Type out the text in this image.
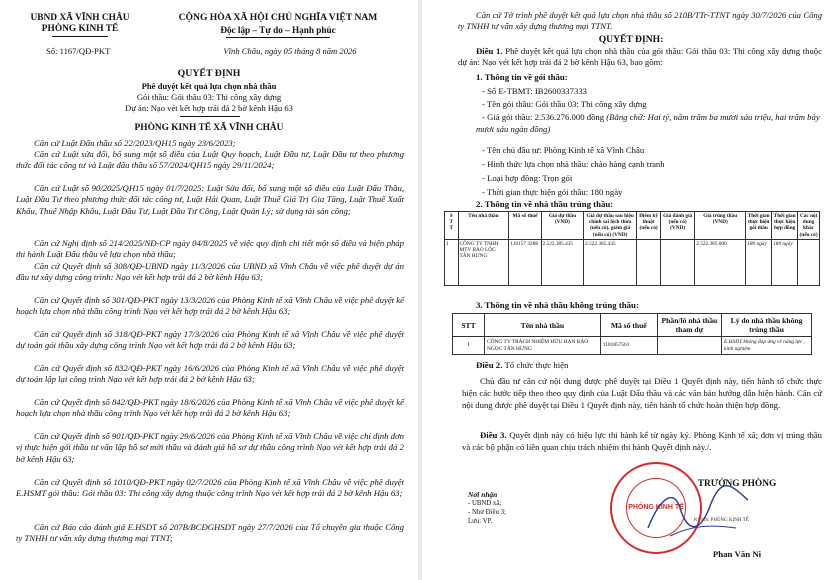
UBND XÃ VĨNH CHÂU
PHÒNG KINH TẾ
CỘNG HÒA XÃ HỘI CHỦ NGHĨA VIỆT NAM
Độc lập – Tự do – Hạnh phúc
Số: 1167/QĐ-PKT	Vĩnh Châu, ngày 05 tháng 8 năm 2026
QUYẾT ĐỊNH
Phê duyệt kết quả lựa chọn nhà thầu
Gói thầu: Gói thầu 03: Thi công xây dựng
Dự án: Nạo vét kết hợp trải đá 2 bờ kênh Hậu 63
PHÒNG KINH TẾ XÃ VĨNH CHÂU
Căn cứ Luật Đấu thầu số 22/2023/QH15 ngày 23/6/2023;
Căn cứ Luật sửa đổi, bổ sung một số điều của Luật Quy hoạch, Luật Đầu tư, Luật Đầu tư theo phương thức đối tác công tư và Luật đấu thầu số 57/2024/QH15 ngày 29/11/2024;
Căn cứ Luật số 90/2025/QH15 ngày 01/7/2025: Luật Sửa đổi, bổ sung một số điều của Luật Đấu Thầu, Luật Đầu Tư theo phương thức đối tác công tư, Luật Hải Quan, Luật Thuế Giá Trị Gia Tăng, Luật Thuế Xuất Khẩu, Thuế Nhập Khẩu, Luật Đầu Tư, Luật Đầu Tư Công, Luật Quản Lý; sử dụng tài sản công;
Căn cứ Nghị định số 214/2025/NĐ-CP ngày 04/8/2025 về việc quy định chi tiết một số điều và biện pháp thi hành Luật Đấu thầu về lựa chọn nhà thầu;
Căn cứ Quyết định số 308/QĐ-UBND ngày 11/3/2026 của UBND xã Vĩnh Châu về việc phê duyệt dự án đầu tư xây dựng công trình: Nạo vét kết hợp trải đá 2 bờ kênh Hậu 63;
Căn cứ Quyết định số 301/QĐ-PKT ngày 13/3/2026 của Phòng Kinh tế xã Vĩnh Châu về việc phê duyệt kế hoạch lựa chọn nhà thầu công trình Nạo vét kết hợp trải đá 2 bờ kênh Hậu 63;
Căn cứ Quyết định số 318/QĐ-PKT ngày 17/3/2026 của Phòng Kinh tế xã Vĩnh Châu về việc phê duyệt dự toán gói thầu xây dựng công trình Nạo vét kết hợp trải đá 2 bờ kênh Hậu 63;
Căn cứ Quyết định số 832/QĐ-PKT ngày 16/6/2026 của Phòng Kinh tế xã Vĩnh Châu về việc phê duyệt dự toán lập lại công trình Nạo vét kết hợp trải đá 2 bờ kênh Hậu 63;
Căn cứ Quyết định số 842/QĐ-PKT ngày 18/6/2026 của Phòng Kinh tế xã Vĩnh Châu về việc phê duyệt kế hoạch lựa chọn nhà thầu công trình Nạo vét kết hợp trải đá 2 bờ kênh Hậu 63;
Căn cứ Quyết định số 901/QĐ-PKT ngày 29/6/2026 của Phòng Kinh tế xã Vĩnh Châu về việc chỉ định đơn vị thực hiện gói thầu tư vấn lập hồ sơ mời thầu và đánh giá hồ sơ dự thầu công trình Nạo vét kết hợp trải đá 2 bờ kênh Hậu 63;
Căn cứ Quyết định số 1010/QĐ-PKT ngày 02/7/2026 của Phòng Kinh tế xã Vĩnh Châu về việc phê duyệt E.HSMT gói thầu: Gói thầu 03: Thi công xây dựng thuộc công trình Nạo vét kết hợp trải đá 2 bờ kênh Hậu 63;
Căn cứ Báo cáo đánh giá E.HSDT số 207B/BCĐGHSDT ngày 27/7/2026 của Tổ chuyên gia thuộc Công ty TNHH tư vấn xây dựng thương mại TTNT;
Căn cứ Tờ trình phê duyệt kết quả lựa chọn nhà thầu số 210B/TTr-TTNT ngày 30/7/2026 của Công ty TNHH tư vấn xây dựng thương mại TTNT.
QUYẾT ĐỊNH:
Điều 1. Phê duyệt kết quả lựa chọn nhà thầu của gói thầu: Gói thầu 03: Thi công xây dựng thuộc dự án: Nạo vét kết hợp trải đá 2 bờ kênh Hậu 63, bao gồm:
1. Thông tin về gói thầu:
- Số E-TBMT: IB2600337333
- Tên gói thầu: Gói thầu 03: Thi công xây dựng
- Giá gói thầu: 2.536.276.000 đồng (Bằng chữ: Hai tỷ, năm trăm ba mươi sáu triệu, hai trăm bảy mươi sáu ngàn đồng)
- Tên chủ đầu tư: Phòng Kinh tế xã Vĩnh Châu
- Hình thức lựa chọn nhà thầu: chào hàng cạnh tranh
- Loại hợp đồng: Trọn gói
- Thời gian thực hiện gói thầu: 180 ngày
2. Thông tin về nhà thầu trúng thầu:
S
T
T	Tên nhà thầu	Mã số thuế	Giá dự thầu (VND)	Giá dự thầu sau hiệu chỉnh sai lệch thừa (nếu có), giảm giá (nếu có) (VND)	Điểm kỹ thuật (nếu có)	Giá đánh giá (nếu có) (VND)	Giá trúng thầu (VND)	Thời gian thực hiện gói thầu	Thời gian thực hiện hợp đồng	Các nội dung khác (nếu có)
1	CÔNG TY TNHH MTV BẢO LỘC TÂN HƯNG	110157 3288	2.522.385.435	2.522.385.435			2.522.385.000	180 ngày	180 ngày	
3. Thông tin về nhà thầu không trúng thầu:
STT	Tên nhà thầu	Mã số thuế	Phần/lô nhà thầu tham dự	Lý do nhà thầu không trúng thầu
1	CÔNG TY TRÁCH NHIỆM HỮU HẠN BẢO NGỌC TÂN HƯNG	1101857561		E.HSDT không đáp ứng về năng lực , kinh nghiệm
Điều 2. Tổ chức thực hiện
Chủ đầu tư căn cứ nội dung được phê duyệt tại Điều 1 Quyết định này, tiến hành tổ chức thực hiện các bước tiếp theo theo quy định của Luật Đấu thầu và các văn bản hướng dẫn hiện hành. Căn cứ nội dung được phê duyệt tại Điều 1 Quyết định này, tiến hành tổ chức hoàn thiện hợp đồng.
Điều 3. Quyết định này có hiệu lực thi hành kể từ ngày ký. Phòng Kinh tế xã; đơn vị trúng thầu và các bộ phận có liên quan chịu trách nhiệm thi hành Quyết định này./.
Nơi nhận
- UBND xã;
- Như Điều 3;
Lưu: VP.
TRƯỞNG PHÒNG
Phan Văn Ni
PHÒNG KINH TẾ
Ký bởi: PHÒNG KINH TẾ
